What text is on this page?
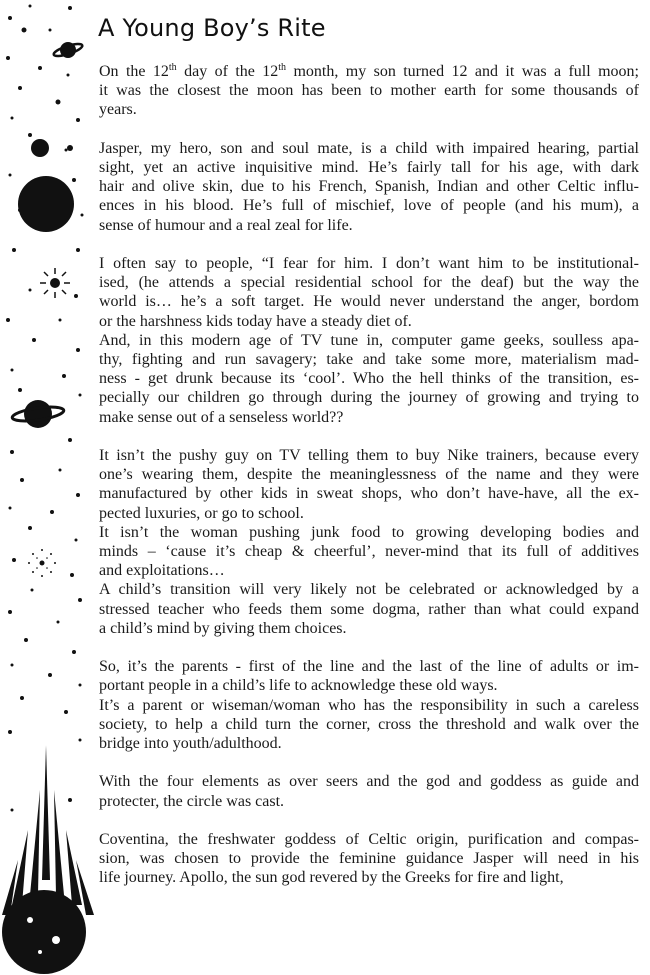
A Young Boy’s Rite

On the 12th day of the 12th month, my son turned 12 and it was a full moon;
it was the closest the moon has been to mother earth for some thousands of
years.

Jasper, my hero, son and soul mate, is a child with impaired hearing, partial
sight, yet an active inquisitive mind. He’s fairly tall for his age, with dark
hair and olive skin, due to his French, Spanish, Indian and other Celtic influ-
ences in his blood. He’s full of mischief, love of people (and his mum), a
sense of humour and a real zeal for life.

I often say to people, “I fear for him. I don’t want him to be institutional-
ised, (he attends a special residential school for the deaf) but the way the
world is… he’s a soft target. He would never understand the anger, bordom
or the harshness kids today have a steady diet of.

And, in this modern age of TV tune in, computer game geeks, soulless apa-
thy, fighting and run savagery; take and take some more, materialism mad-
ness - get drunk because its ‘cool’. Who the hell thinks of the transition, es-
pecially our children go through during the journey of growing and trying to
make sense out of a senseless world??

It isn’t the pushy guy on TV telling them to buy Nike trainers, because every
one’s wearing them, despite the meaninglessness of the name and they were
manufactured by other kids in sweat shops, who don’t have-have, all the ex-
pected luxuries, or go to school.

It isn’t the woman pushing junk food to growing developing bodies and
minds – ‘cause it’s cheap & cheerful’, never-mind that its full of additives
and exploitations…

A child’s transition will very likely not be celebrated or acknowledged by a
stressed teacher who feeds them some dogma, rather than what could expand
a child’s mind by giving them choices.

So, it’s the parents - first of the line and the last of the line of adults or im-
portant people in a child’s life to acknowledge these old ways.

It’s a parent or wiseman/woman who has the responsibility in such a careless
society, to help a child turn the corner, cross the threshold and walk over the
bridge into youth/adulthood.

With the four elements as over seers and the god and goddess as guide and
protecter, the circle was cast.

Coventina, the freshwater goddess of Celtic origin, purification and compas-
sion, was chosen to provide the feminine guidance Jasper will need in his
life journey. Apollo, the sun god revered by the Greeks for fire and light,
